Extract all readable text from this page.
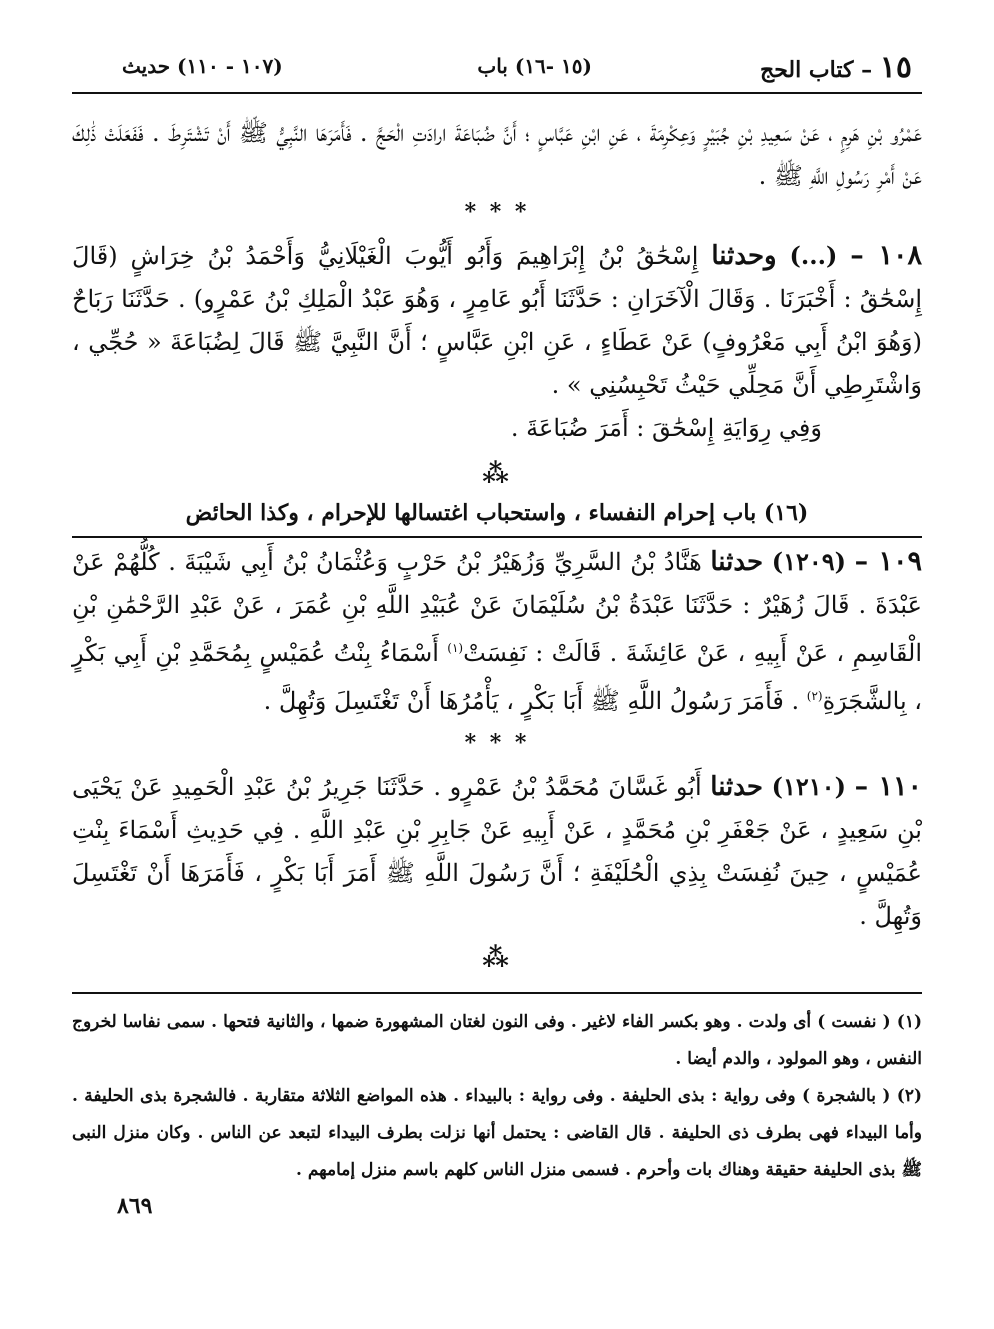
١٥ – كتاب الحج
(١٥ -١٦) باب
(١٠٧ - ١١٠) حديث

عَمْرُو بْنِ هَرِمٍ ، عَنْ سَعِيدِ بْنِ جُبَيْرٍ وَعِكْرِمَةَ ، عَنِ ابْنِ عَبَّاسٍ ؛ أَنَّ ضُبَاعَةَ ارادَتِ الْحَجَّ . فَأَمَرَهَا النَّبِيُّ ﷺ أَنْ تَشْتَرِطَ . فَفَعَلَتْ ذَٰلِكَ عَنْ أَمْرِ رَسُولِ اللَّهِ ﷺ .

* * *

١٠٨ – (...) وحدثنا إِسْحَٰقُ بْنُ إِبْرَاهِيمَ وَأَبُو أَيُّوبَ الْغَيْلَانِيُّ وَأَحْمَدُ بْنُ خِرَاشٍ (قَالَ إِسْحَٰقُ : أَخْبَرَنَا . وَقَالَ الْآخَرَانِ : حَدَّثَنَا أَبُو عَامِرٍ ، وَهُوَ عَبْدُ الْمَلِكِ بْنُ عَمْرٍو) . حَدَّثَنَا رَبَاحٌ (وَهُوَ ابْنُ أَبِي مَعْرُوفٍ) عَنْ عَطَاءٍ ، عَنِ ابْنِ عَبَّاسٍ ؛ أَنَّ النَّبِيَّ ﷺ قَالَ لِضُبَاعَةَ « حُجِّي ، وَاشْتَرِطِي أَنَّ مَحِلِّي حَيْثُ تَحْبِسُنِي » .

وَفِي رِوَايَةِ إِسْحَٰقَ : أَمَرَ ضُبَاعَةَ .

⁂
(١٦) باب إحرام النفساء ، واستحباب اغتسالها للإحرام ، وكذا الحائض

١٠٩ – (١٢٠٩) حدثنا هَنَّادُ بْنُ السَّرِيِّ وَزُهَيْرُ بْنُ حَرْبٍ وَعُثْمَانُ بْنُ أَبِي شَيْبَةَ . كُلُّهُمْ عَنْ عَبْدَةَ . قَالَ زُهَيْرٌ : حَدَّثَنَا عَبْدَةُ بْنُ سُلَيْمَانَ عَنْ عُبَيْدِ اللَّهِ بْنِ عُمَرَ ، عَنْ عَبْدِ الرَّحْمَٰنِ بْنِ الْقَاسِمِ ، عَنْ أَبِيهِ ، عَنْ عَائِشَةَ . قَالَتْ : نَفِسَتْ$^{(١)}$ أَسْمَاءُ بِنْتُ عُمَيْسٍ بِمُحَمَّدِ بْنِ أَبِي بَكْرٍ ، بِالشَّجَرَةِ$^{(٢)}$ . فَأَمَرَ رَسُولُ اللَّهِ ﷺ أَبَا بَكْرٍ ، يَأْمُرُهَا أَنْ تَغْتَسِلَ وَتُهِلَّ .

* * *

١١٠ – (١٢١٠) حدثنا أَبُو غَسَّانَ مُحَمَّدُ بْنُ عَمْرٍو . حَدَّثَنَا جَرِيرُ بْنُ عَبْدِ الْحَمِيدِ عَنْ يَحْيَى بْنِ سَعِيدٍ ، عَنْ جَعْفَرِ بْنِ مُحَمَّدٍ ، عَنْ أَبِيهِ عَنْ جَابِرِ بْنِ عَبْدِ اللَّهِ . فِي حَدِيثِ أَسْمَاءَ بِنْتِ عُمَيْسٍ ، حِينَ نُفِسَتْ بِذِي الْحُلَيْفَةِ ؛ أَنَّ رَسُولَ اللَّهِ ﷺ أَمَرَ أَبَا بَكْرٍ ، فَأَمَرَهَا أَنْ تَغْتَسِلَ وَتُهِلَّ .

⁂

(١) ( نفست ) أى ولدت . وهو بكسر الفاء لاغير . وفى النون لغتان المشهورة ضمها ، والثانية فتحها . سمى نفاسا لخروج النفس ، وهو المولود ، والدم أيضا .

(٢) ( بالشجرة ) وفى رواية : بذى الحليفة . وفى رواية : بالبيداء . هذه المواضع الثلاثة متقاربة . فالشجرة بذى الحليفة . وأما البيداء فهى بطرف ذى الحليفة . قال القاضى : يحتمل أنها نزلت بطرف البيداء لتبعد عن الناس . وكان منزل النبى ﷺ بذى الحليفة حقيقة وهناك بات وأحرم . فسمى منزل الناس كلهم باسم منزل إمامهم .

٨٦٩
